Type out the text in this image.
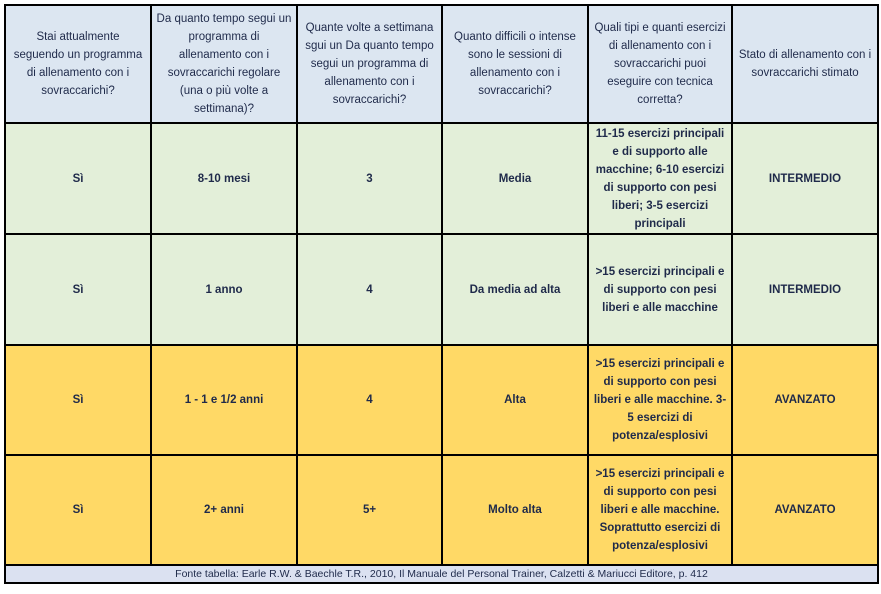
Stai attualmente seguendo un programma di allenamento con i sovraccarichi?	Da quanto tempo segui un programma di allenamento con i sovraccarichi regolare (una o più volte a settimana)?	Quante volte a settimana sgui un Da quanto tempo segui un programma di allenamento con i sovraccarichi?	Quanto difficili o intense sono le sessioni di allenamento con i sovraccarichi?	Quali tipi e quanti esercizi di allenamento con i sovraccarichi puoi eseguire con tecnica corretta?	Stato di allenamento con i sovraccarichi stimato
Sì	8-10 mesi	3	Media	11-15 esercizi principali e di supporto alle macchine; 6-10 esercizi di supporto con pesi liberi; 3-5 esercizi principali	INTERMEDIO
Sì	1 anno	4	Da media ad alta	>15 esercizi principali e di supporto con pesi liberi e alle macchine	INTERMEDIO
Sì	1 - 1 e 1/2 anni	4	Alta	>15 esercizi principali e di supporto con pesi liberi e alle macchine. 3-5 esercizi di potenza/esplosivi	AVANZATO
Sì	2+ anni	5+	Molto alta	>15 esercizi principali e di supporto con pesi liberi e alle macchine. Soprattutto esercizi di potenza/esplosivi	AVANZATO
Fonte tabella: Earle R.W. & Baechle T.R., 2010, Il Manuale del Personal Trainer, Calzetti & Mariucci Editore, p. 412					
